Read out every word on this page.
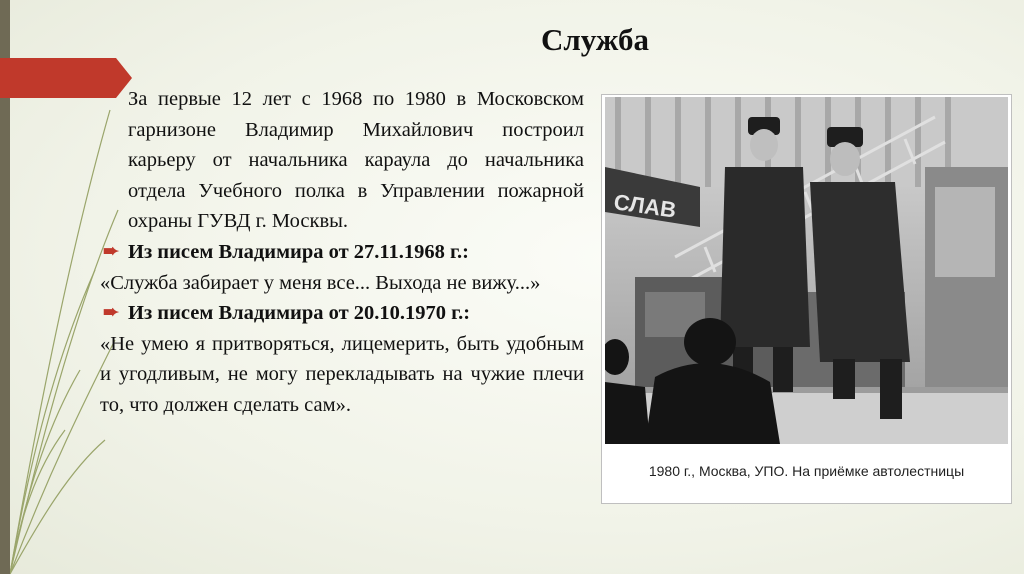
Служба

За первые 12 лет с 1968 по 1980 в Московском гарнизоне Владимир Михайлович построил карьеру от начальника караула до начальника отдела Учебного полка в Управлении пожарной охраны ГУВД г. Москвы.

➨ Из писем Владимира от 27.11.1968 г.:

«Служба забирает у меня все... Выхода не вижу...»

➨ Из писем Владимира от 20.10.1970 г.:

«Не умею я притворяться, лицемерить, быть удобным и угодливым, не могу перекладывать на чужие плечи то, что должен сделать сам».

СЛАВ
1980 г., Москва, УПО. На приёмке автолестницы
